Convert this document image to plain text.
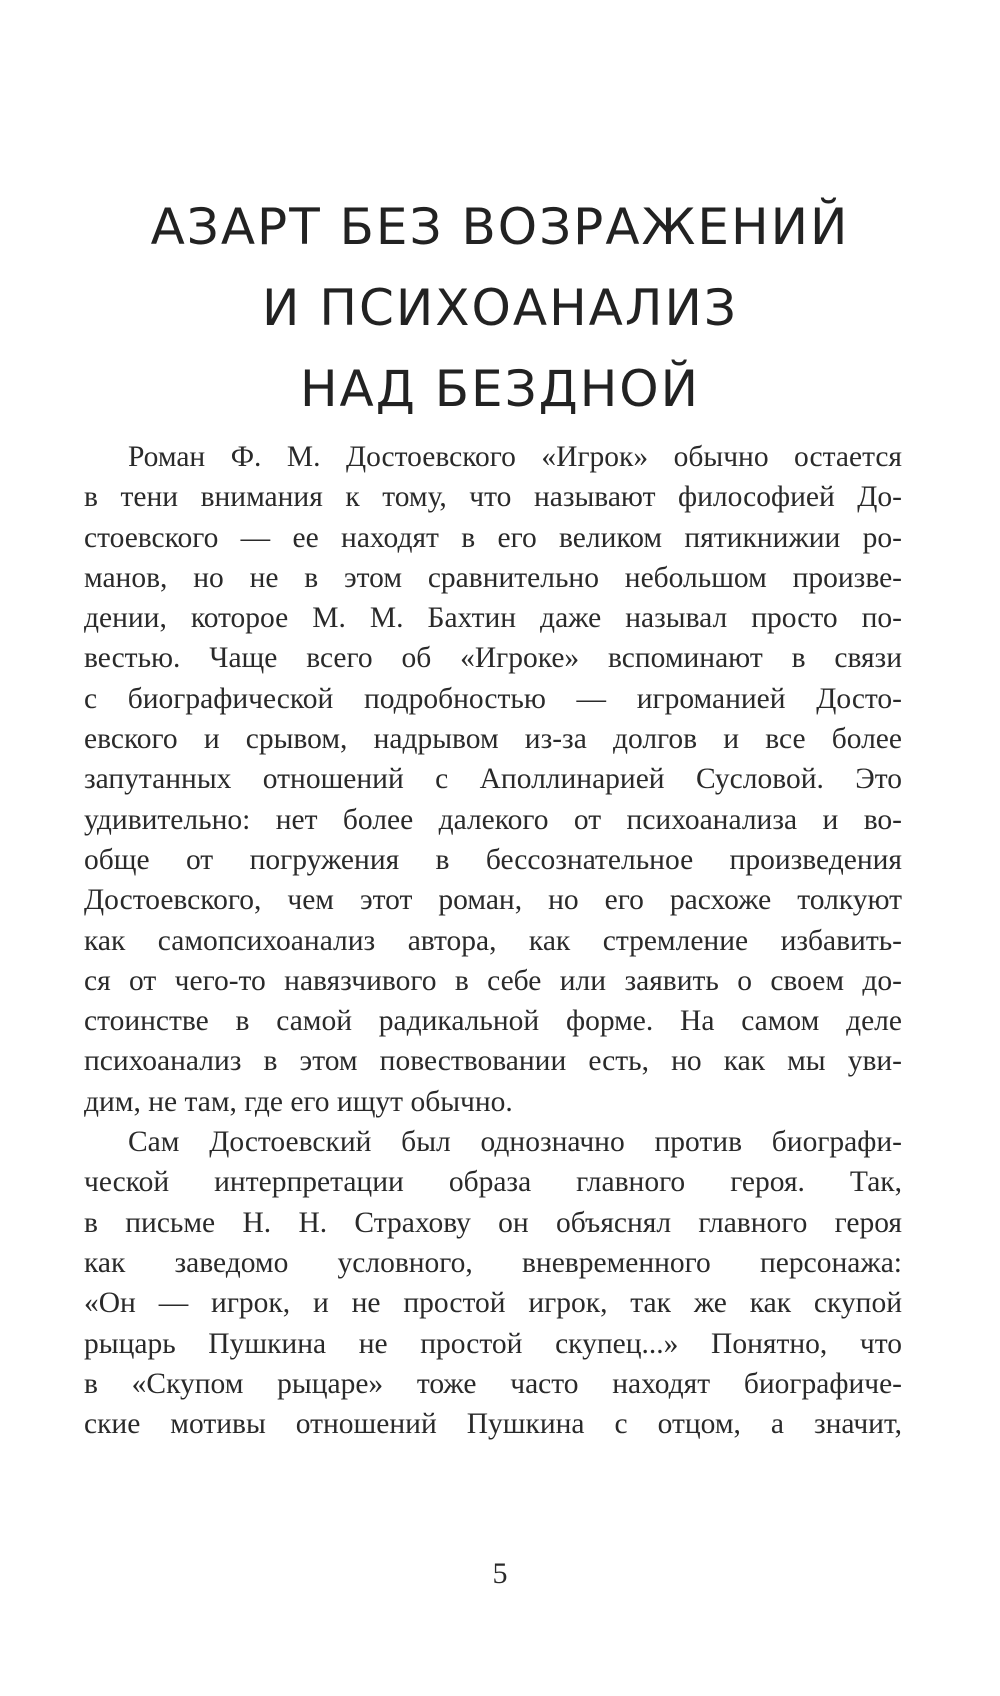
АЗАРТ БЕЗ ВОЗРАЖЕНИЙ
И ПСИХОАНАЛИЗ
НАД БЕЗДНОЙ
Роман Ф. М. Достоевского «Игрок» обычно остается
в тени внимания к тому, что называют философией До-
стоевского — ее находят в его великом пятикнижии ро-
манов, но не в этом сравнительно небольшом произве-
дении, которое М. М. Бахтин даже называл просто по-
вестью. Чаще всего об «Игроке» вспоминают в связи
с биографической подробностью — игроманией Досто-
евского и срывом, надрывом из-за долгов и все более
запутанных отношений с Аполлинарией Сусловой. Это
удивительно: нет более далекого от психоанализа и во-
обще от погружения в бессознательное произведения
Достоевского, чем этот роман, но его расхоже толкуют
как самопсихоанализ автора, как стремление избавить-
ся от чего-то навязчивого в себе или заявить о своем до-
стоинстве в самой радикальной форме. На самом деле
психоанализ в этом повествовании есть, но как мы уви-
дим, не там, где его ищут обычно.
Сам Достоевский был однозначно против биографи-
ческой интерпретации образа главного героя. Так,
в письме Н. Н. Страхову он объяснял главного героя
как заведомо условного, вневременного персонажа:
«Он — игрок, и не простой игрок, так же как скупой
рыцарь Пушкина не простой скупец...» Понятно, что
в «Скупом рыцаре» тоже часто находят биографиче-
ские мотивы отношений Пушкина с отцом, а значит,
5
